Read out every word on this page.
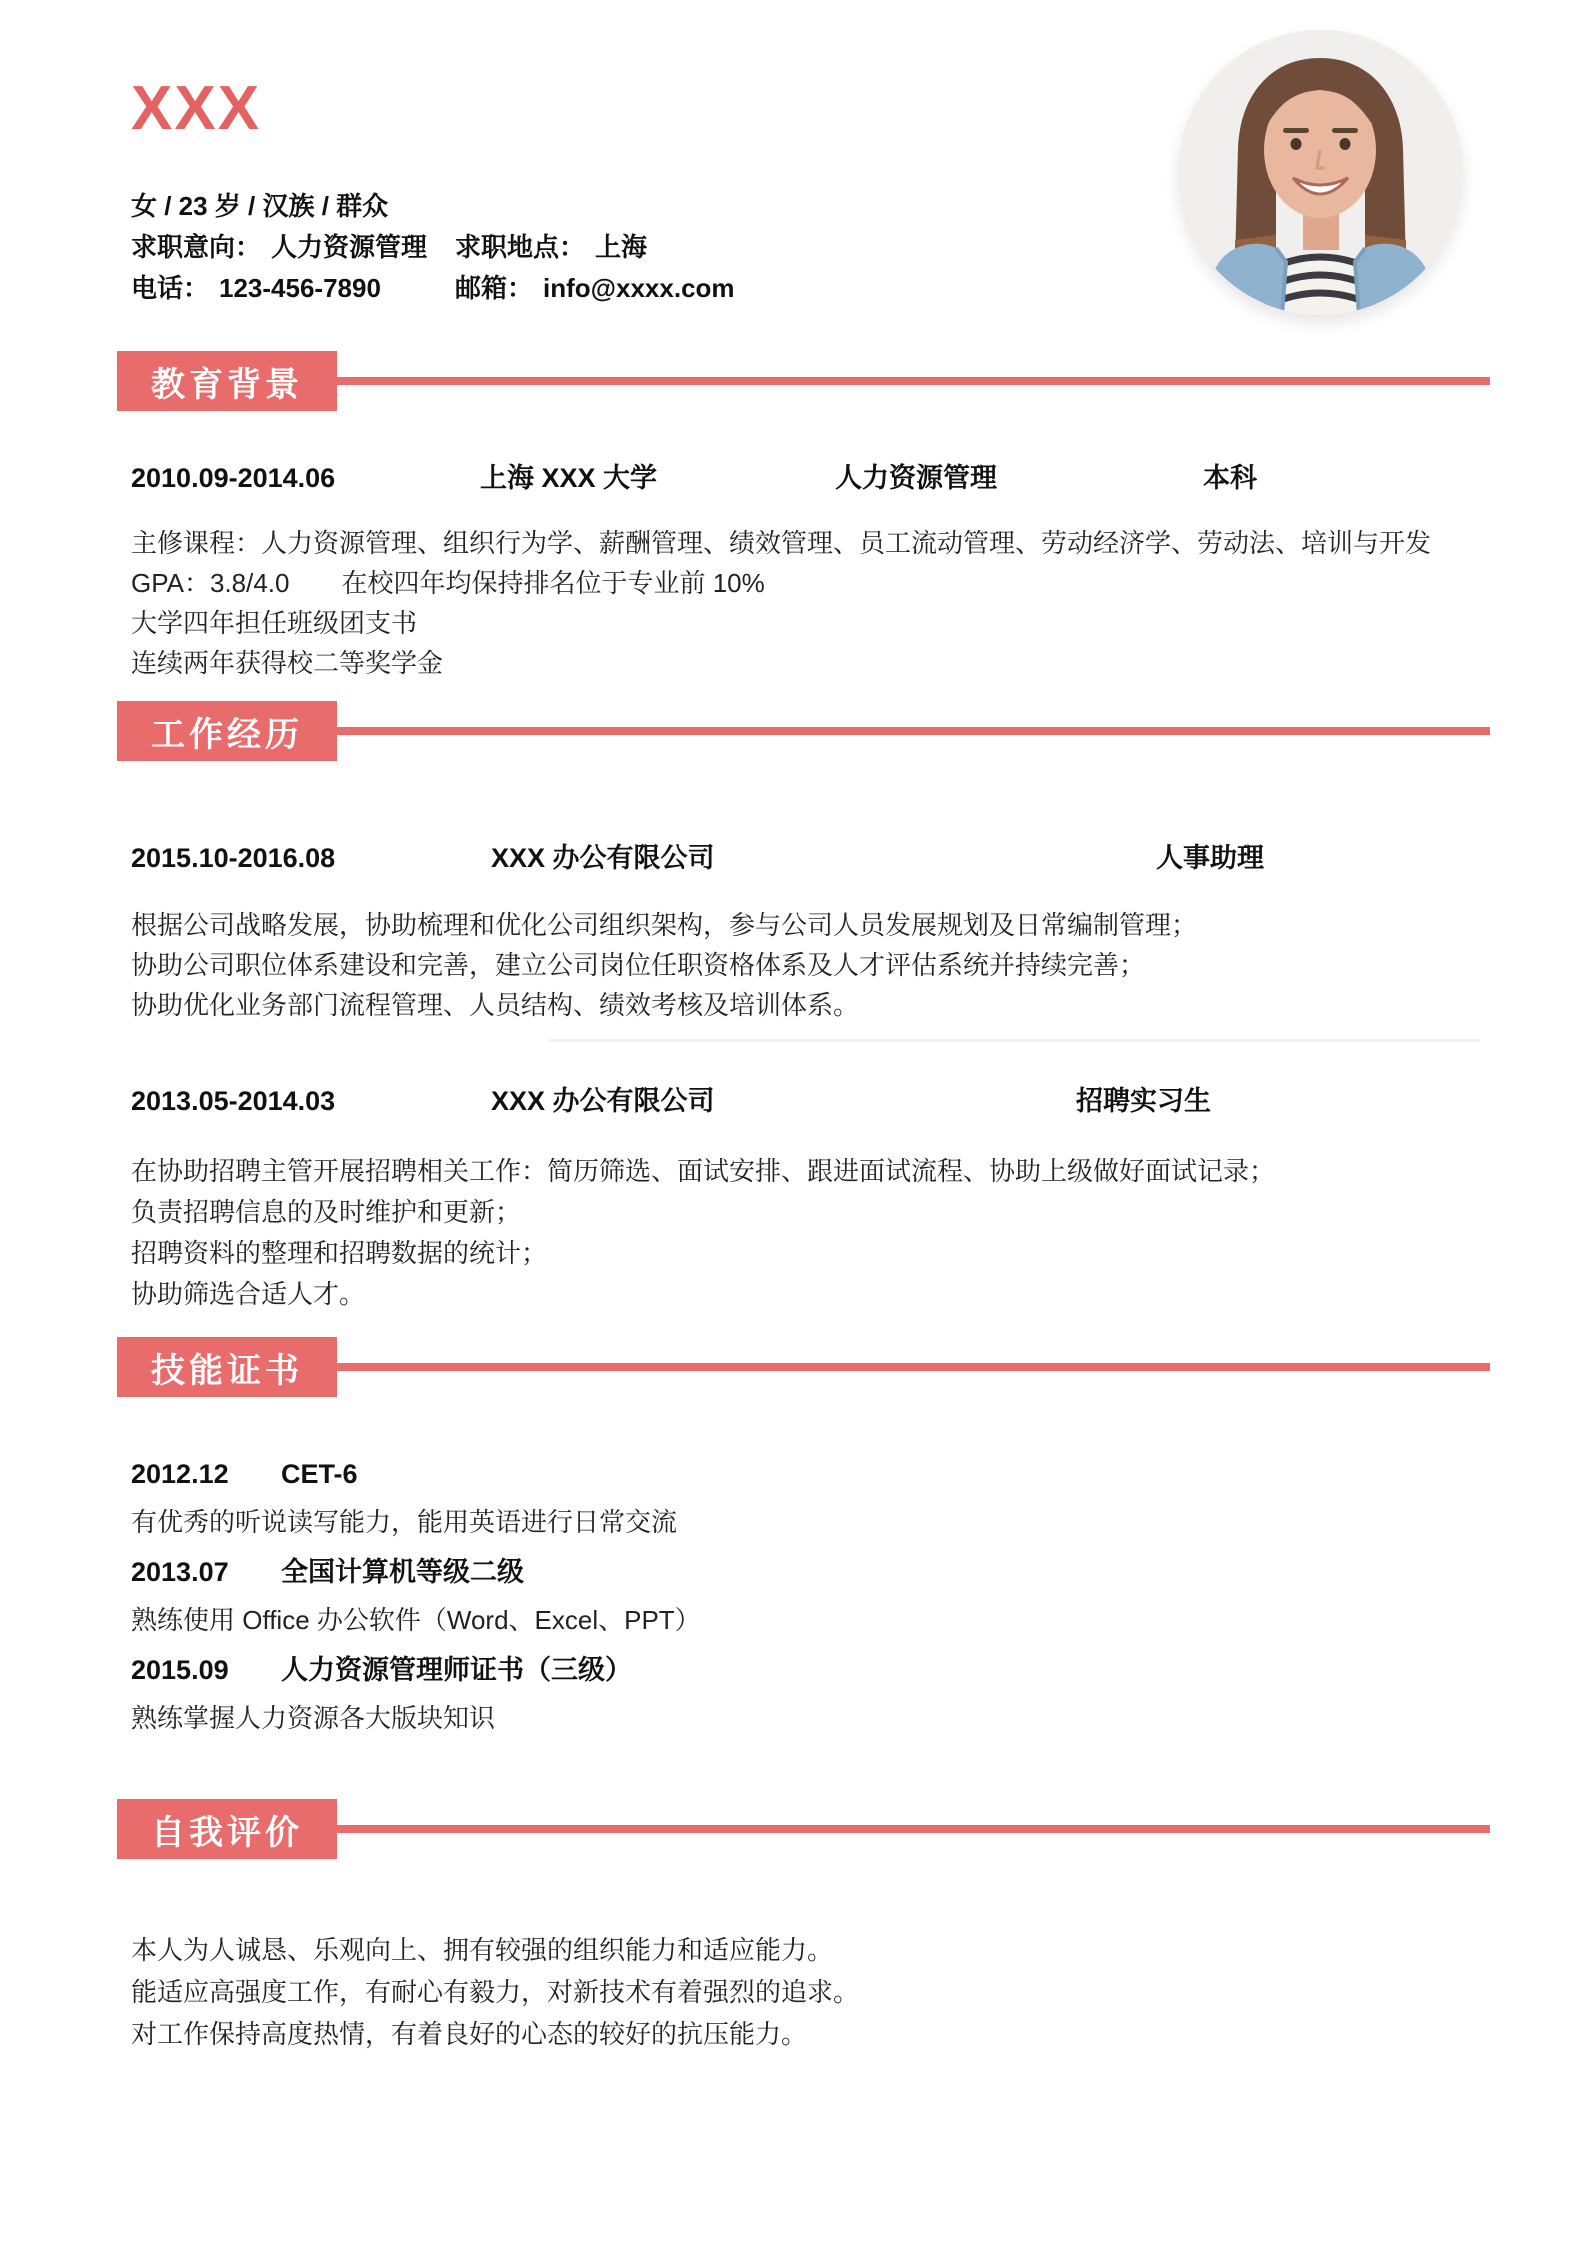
XXX
女 / 23 岁 / 汉族 / 群众
求职意向： 人力资源管理	求职地点： 上海
电话： 123-456-7890	邮箱： info@xxxx.com
教育背景
2010.09-2014.06	上海 XXX 大学	人力资源管理	本科

主修课程：人力资源管理、组织行为学、薪酬管理、绩效管理、员工流动管理、劳动经济学、劳动法、培训与开发

GPA：3.8/4.0　　在校四年均保持排名位于专业前 10%

大学四年担任班级团支书

连续两年获得校二等奖学金

工作经历
2015.10-2016.08	XXX 办公有限公司	人事助理

根据公司战略发展，协助梳理和优化公司组织架构，参与公司人员发展规划及日常编制管理；

协助公司职位体系建设和完善，建立公司岗位任职资格体系及人才评估系统并持续完善；

协助优化业务部门流程管理、人员结构、绩效考核及培训体系。

2013.05-2014.03	XXX 办公有限公司	招聘实习生

在协助招聘主管开展招聘相关工作：简历筛选、面试安排、跟进面试流程、协助上级做好面试记录；

负责招聘信息的及时维护和更新；

招聘资料的整理和招聘数据的统计；

协助筛选合适人才。

技能证书
2012.12	CET-6

有优秀的听说读写能力，能用英语进行日常交流

2013.07	全国计算机等级二级

熟练使用 Office 办公软件（Word、Excel、PPT）

2015.09	人力资源管理师证书（三级）

熟练掌握人力资源各大版块知识

自我评价

本人为人诚恳、乐观向上、拥有较强的组织能力和适应能力。

能适应高强度工作，有耐心有毅力，对新技术有着强烈的追求。

对工作保持高度热情，有着良好的心态的较好的抗压能力。
